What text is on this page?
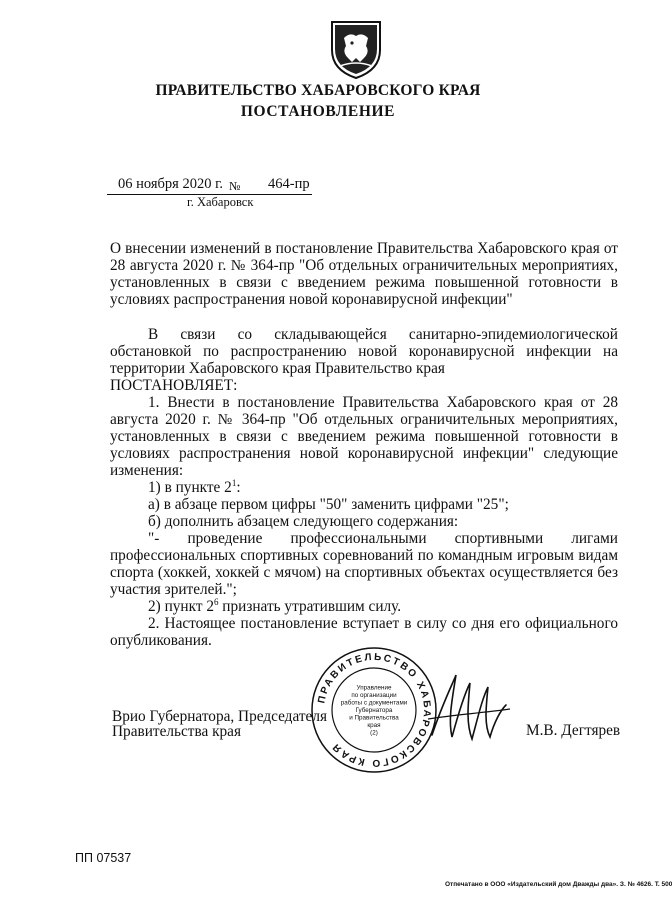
ПРАВИТЕЛЬСТВО ХАБАРОВСКОГО КРАЯ
ПОСТАНОВЛЕНИЕ
06 ноября 2020 г. № 464-пр
г. Хабаровск
О внесении изменений в постановление Правительства Хабаровского края от 28 августа 2020 г. № 364-пр "Об отдельных ограничительных мероприятиях, установленных в связи с введением режима повышенной готовности в условиях распространения новой коронавирусной инфекции"

В связи со складывающейся санитарно-эпидемиологической обстановкой по распространению новой коронавирусной инфекции на территории Хабаровского края Правительство края

ПОСТАНОВЛЯЕТ:

1. Внести в постановление Правительства Хабаровского края от 28 августа 2020 г. № 364-пр "Об отдельных ограничительных мероприятиях, установленных в связи с введением режима повышенной готовности в условиях распространения новой коронавирусной инфекции" следующие изменения:

1) в пункте $2^1$:

а) в абзаце первом цифры "50" заменить цифрами "25";

б) дополнить абзацем следующего содержания:

"- проведение профессиональными спортивными лигами профессиональных спортивных соревнований по командным игровым видам спорта (хоккей, хоккей с мячом) на спортивных объектах осуществляется без участия зрителей.";

2) пункт $2^6$ признать утратившим силу.

2. Настоящее постановление вступает в силу со дня его официального опубликования.

ПРАВИТЕЛЬСТВО ХАБАРОВСКОГО КРАЯ
Управление
по организации
работы с документами
Губернатора
и Правительства
края
(2)
Врио Губернатора, Председателя
Правительства края	М.В. Дегтярев
ПП 07537
Отпечатано в ООО «Издательский дом Дважды два». З. № 4626. Т. 500
